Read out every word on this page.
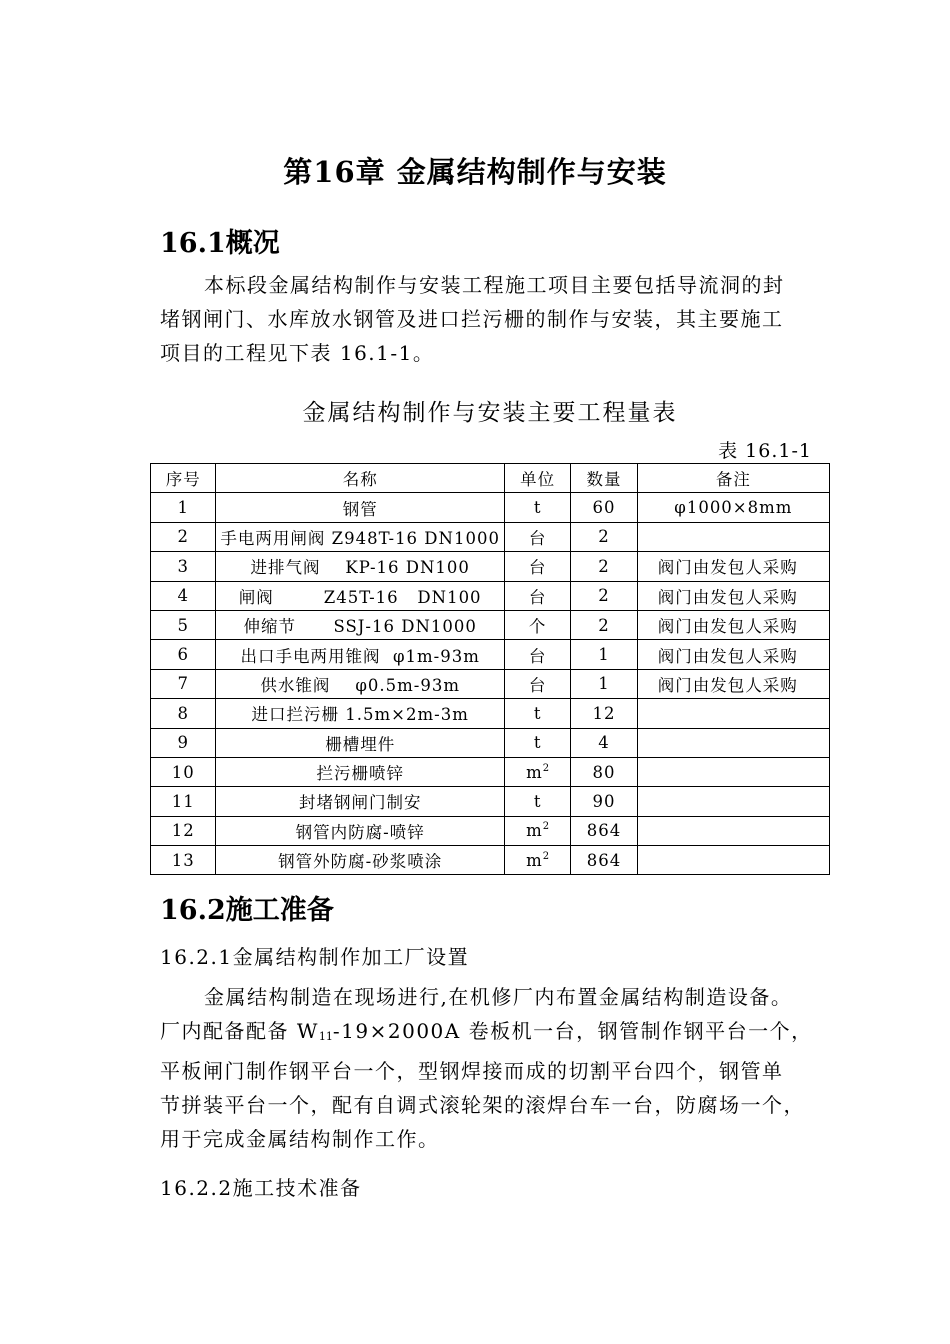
第16章 金属结构制作与安装
16.1概况
本标段金属结构制作与安装工程施工项目主要包括导流洞的封
堵钢闸门、水库放水钢管及进口拦污栅的制作与安装，其主要施工
项目的工程见下表 16.1-1。
金属结构制作与安装主要工程量表
表 16.1-1
序号	名称	单位	数量	备注
1	钢管	t	60	φ1000×8mm
2	手电两用闸阀 Z948T-16 DN1000	台	2	
3	进排气阀    KP-16 DN100	台	2	阀门由发包人采购
4	闸阀        Z45T-16   DN100	台	2	阀门由发包人采购
5	伸缩节      SSJ-16 DN1000	个	2	阀门由发包人采购
6	出口手电两用锥阀  φ1m-93m	台	1	阀门由发包人采购
7	供水锥阀    φ0.5m-93m	台	1	阀门由发包人采购
8	进口拦污栅 1.5m×2m-3m	t	12	
9	栅槽埋件	t	4	
10	拦污栅喷锌	$m^2$	80	
11	封堵钢闸门制安	t	90	
12	钢管内防腐-喷锌	$m^2$	864	
13	钢管外防腐-砂浆喷涂	$m^2$	864	
16.2施工准备
16.2.1金属结构制作加工厂设置
金属结构制造在现场进行,在机修厂内布置金属结构制造设备。
厂内配备配备 $W_{11}-19\times 2000A$ 卷板机一台，钢管制作钢平台一个，
平板闸门制作钢平台一个，型钢焊接而成的切割平台四个，钢管单
节拼装平台一个，配有自调式滚轮架的滚焊台车一台，防腐场一个，
用于完成金属结构制作工作。
16.2.2施工技术准备
